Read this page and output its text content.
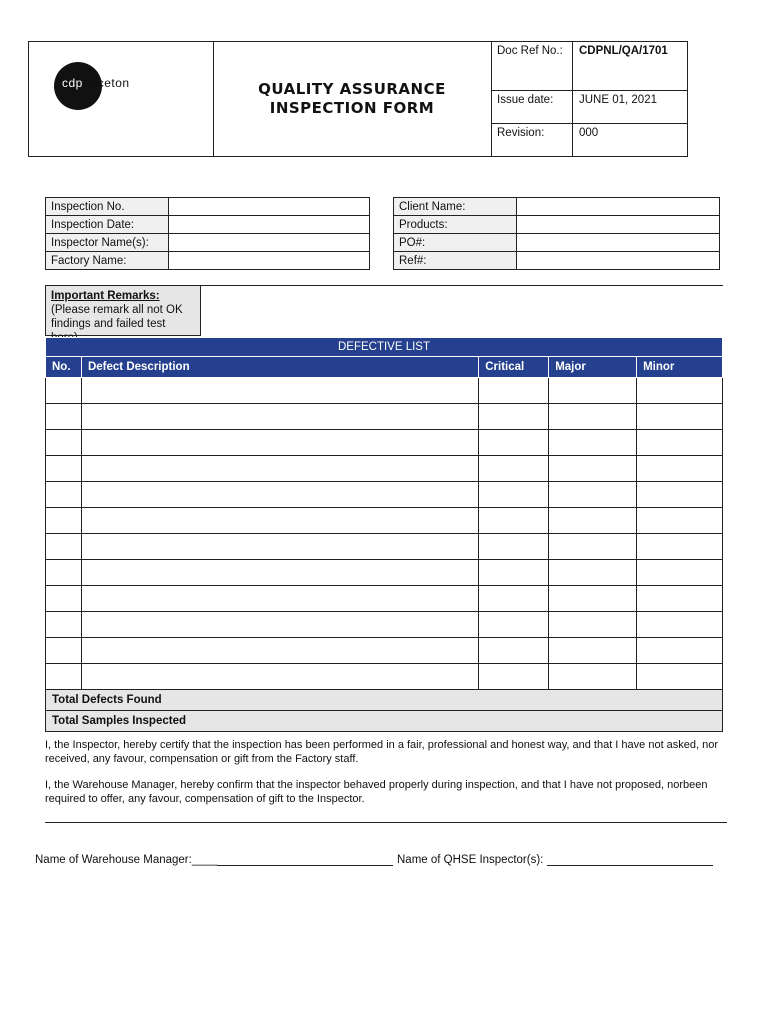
QUALITY ASSURANCE
INSPECTION FORM
Doc Ref No.:	CDPNL/QA/1701
Issue date:	JUNE 01, 2021
Revision:	000
cdprinceton
Inspection No.	
Inspection Date:	
Inspector Name(s):	
Factory Name:	
Client Name:	
Products:	
PO#:	
Ref#:	
Important Remarks:
(Please remark all not OK
findings and failed test
DEFECTIVE LIST				
No.	Defect Description	Critical	Major	Minor

Total Defects Found				
Total Samples Inspected				
I, the Inspector, hereby certify that the inspection has been performed in a fair, professional and honest way, and that I have not asked, nor received, any favour, compensation or gift from the Factory staff.
I, the Warehouse Manager, hereby confirm that the inspector behaved properly during inspection, and that I have not proposed, norbeen required to offer, any favour, compensation of gift to the Inspector.
Name of Warehouse Manager:____	Name of QHSE Inspector(s):
